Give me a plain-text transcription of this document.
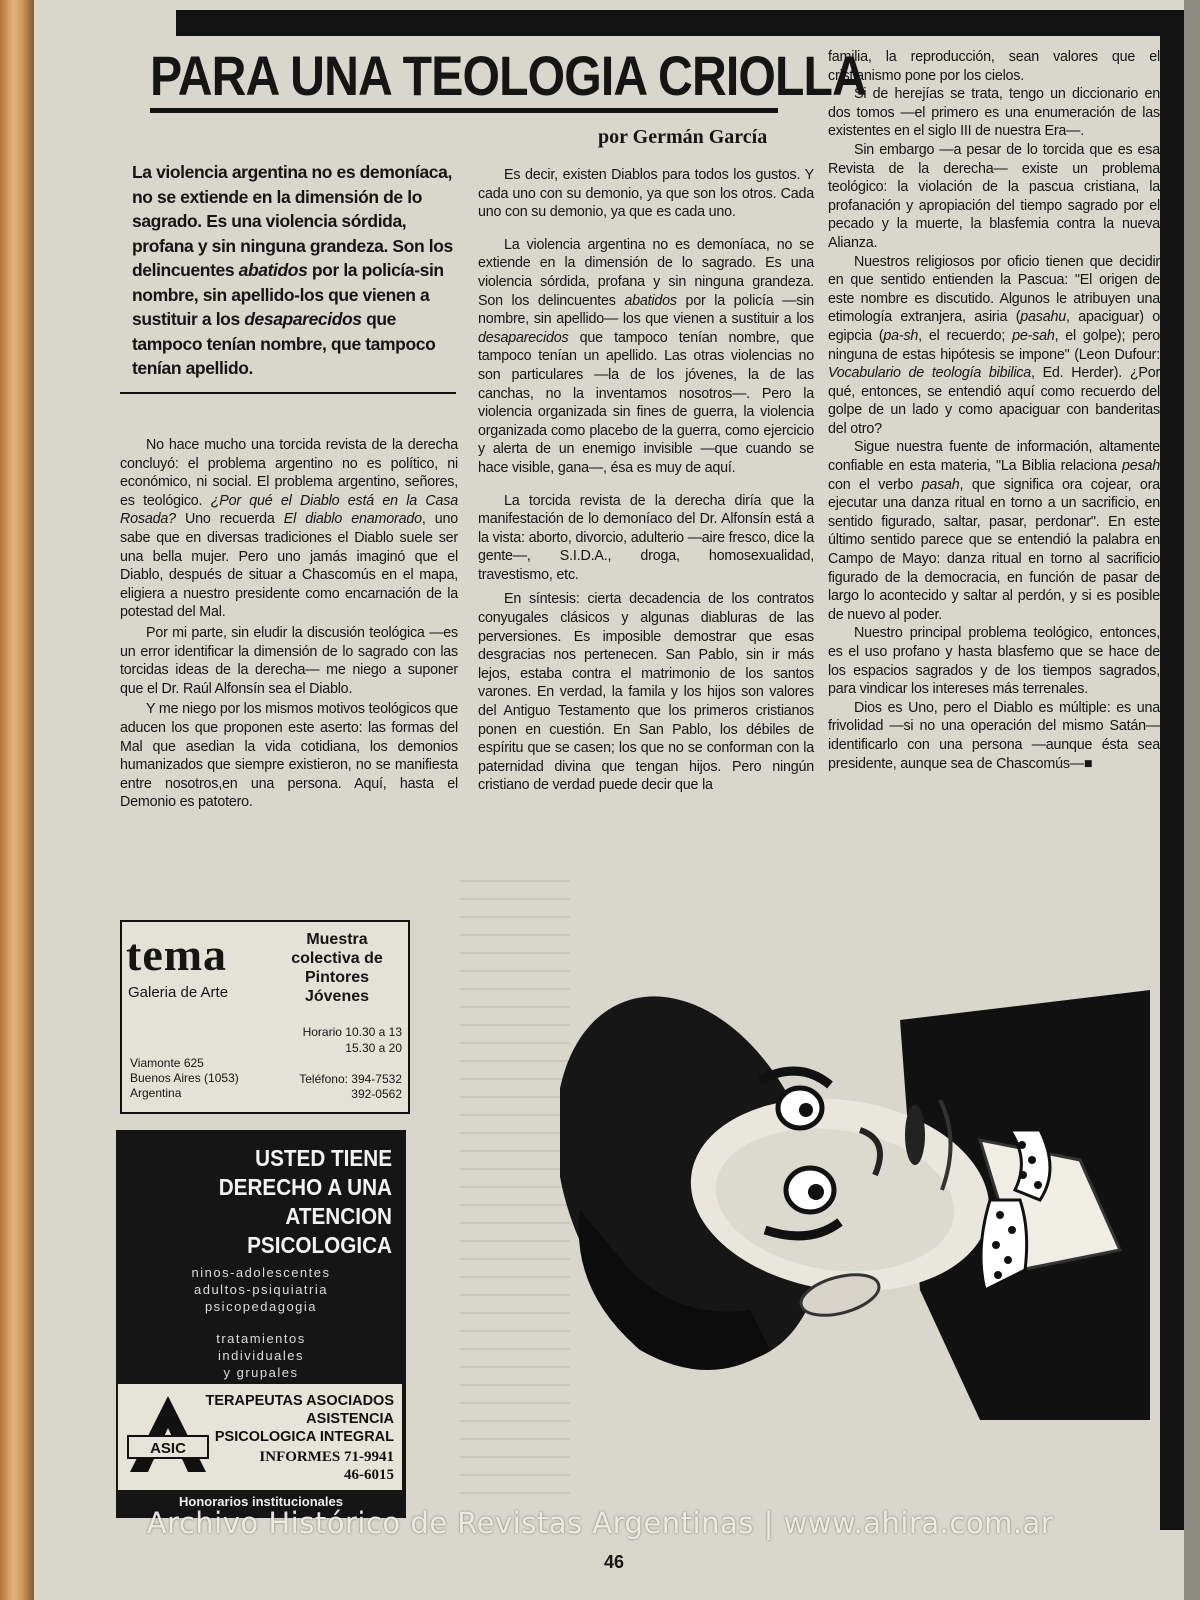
PARA UNA TEOLOGIA CRIOLLA
por Germán García

La violencia argentina no es demoníaca, no se extiende en la dimensión de lo sagrado. Es una violencia sórdida, profana y sin ninguna grandeza. Son los delincuentes abatidos por la policía-sin nombre, sin apellido-los que vienen a sustituir a los desaparecidos que tampoco tenían nombre, que tampoco tenían apellido.

No hace mucho una torcida revista de la derecha concluyó: el problema argentino no es político, ni económico, ni social. El problema argentino, señores, es teológico. ¿Por qué el Diablo está en la Casa Rosada? Uno recuerda El diablo enamorado, uno sabe que en diversas tradiciones el Diablo suele ser una bella mujer. Pero uno jamás imaginó que el Diablo, después de situar a Chascomús en el mapa, eligiera a nuestro presidente como encarnación de la potestad del Mal.

Por mi parte, sin eludir la discusión teológica —es un error identificar la dimensión de lo sagrado con las torcidas ideas de la derecha— me niego a suponer que el Dr. Raúl Alfonsín sea el Diablo.

Y me niego por los mismos motivos teológicos que aducen los que proponen este aserto: las formas del Mal que asedian la vida cotidiana, los demonios humanizados que siempre existieron, no se manifiesta entre nosotros,en una persona. Aquí, hasta el Demonio es patotero.

Es decir, existen Diablos para todos los gustos. Y cada uno con su demonio, ya que son los otros. Cada uno con su demonio, ya que es cada uno.

La violencia argentina no es demoníaca, no se extiende en la dimensión de lo sagrado. Es una violencia sórdida, profana y sin ninguna grandeza. Son los delincuentes abatidos por la policía —sin nombre, sin apellido— los que vienen a sustituir a los desaparecidos que tampoco tenían nombre, que tampoco tenían un apellido. Las otras violencias no son particulares —la de los jóvenes, la de las canchas, no la inventamos nosotros—. Pero la violencia organizada sin fines de guerra, la violencia organizada como placebo de la guerra, como ejercicio y alerta de un enemigo invisible —que cuando se hace visible, gana—, ésa es muy de aquí.

La torcida revista de la derecha diría que la manifestación de lo demoníaco del Dr. Alfonsín está a la vista: aborto, divorcio, adulterio —aire fresco, dice la gente—, S.I.D.A., droga, homosexualidad, travestismo, etc.

En síntesis: cierta decadencia de los contratos conyugales clásicos y algunas diabluras de las perversiones. Es imposible demostrar que esas desgracias nos pertenecen. San Pablo, sin ir más lejos, estaba contra el matrimonio de los santos varones. En verdad, la famila y los hijos son valores del Antiguo Testamento que los primeros cristianos ponen en cuestión. En San Pablo, los débiles de espíritu que se casen; los que no se conforman con la paternidad divina que tengan hijos. Pero ningún cristiano de verdad puede decir que la

familia, la reproducción, sean valores que el cristianismo pone por los cielos.

Si de herejías se trata, tengo un diccionario en dos tomos —el primero es una enumeración de las existentes en el siglo III de nuestra Era—.

Sin embargo —a pesar de lo torcida que es esa Revista de la derecha— existe un problema teológico: la violación de la pascua cristiana, la profanación y apropiación del tiempo sagrado por el pecado y la muerte, la blasfemia contra la nueva Alianza.

Nuestros religiosos por oficio tienen que decidir en que sentido entienden la Pascua: "El origen de este nombre es discutido. Algunos le atribuyen una etimología extranjera, asiria (pasahu, apaciguar) o egipcia (pa-sh, el recuerdo; pe-sah, el golpe); pero ninguna de estas hipótesis se impone" (Leon Dufour: Vocabulario de teología bibilica, Ed. Herder). ¿Por qué, entonces, se entendió aquí como recuerdo del golpe de un lado y como apaciguar con banderitas del otro?

Sigue nuestra fuente de información, altamente confiable en esta materia, "La Biblia relaciona pesah con el verbo pasah, que significa ora cojear, ora ejecutar una danza ritual en torno a un sacrificio, en sentido figurado, saltar, pasar, perdonar". En este último sentido parece que se entendió la palabra en Campo de Mayo: danza ritual en torno al sacrificio figurado de la democracia, en función de pasar de largo lo acontecido y saltar al perdón, y si es posible de nuevo al poder.

Nuestro principal problema teológico, entonces, es el uso profano y hasta blasfemo que se hace de los espacios sagrados y de los tiempos sagrados, para vindicar los intereses más terrenales.

Dios es Uno, pero el Diablo es múltiple: es una frivolidad —si no una operación del mismo Satán— identificarlo con una persona —aunque ésta sea presidente, aunque sea de Chascomús—■

tema
Galeria de Arte
Muestra colectiva de Pintores Jóvenes
Horario 10.30 a 13
15.30 a 20
Viamonte 625
Buenos Aires (1053)
Argentina
Teléfono: 394-7532
392-0562
USTED TIENE
DERECHO A UNA
ATENCION
PSICOLOGICA
ninos-adolescentes
adultos-psiquiatria
psicopedagogia
tratamientos
individuales
y grupales
ASIC
TERAPEUTAS ASOCIADOS
ASISTENCIA
PSICOLOGICA INTEGRAL
INFORMES 71-9941
46-6015
Honorarios institucionales
Archivo Histórico de Revistas Argentinas | www.ahira.com.ar
46
